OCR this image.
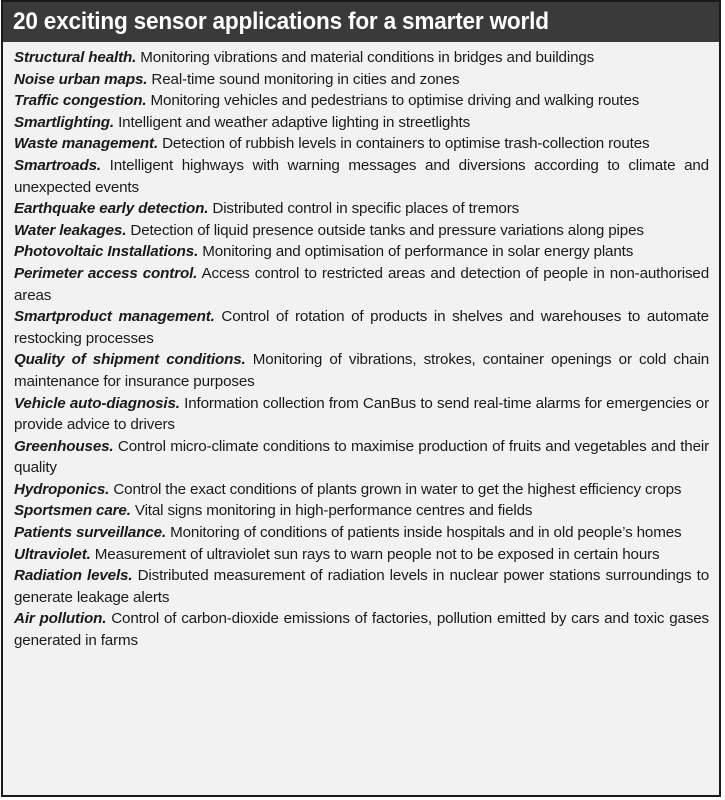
20 exciting sensor applications for a smarter world

Structural health. Monitoring vibrations and material conditions in bridges and buildings

Noise urban maps. Real-time sound monitoring in cities and zones

Traffic congestion. Monitoring vehicles and pedestrians to optimise driving and walking routes

Smartlighting. Intelligent and weather adaptive lighting in streetlights

Waste management. Detection of rubbish levels in containers to optimise trash-collection routes

Smartroads. Intelligent highways with warning messages and diversions according to climate and unexpected events

Earthquake early detection. Distributed control in specific places of tremors

Water leakages. Detection of liquid presence outside tanks and pressure variations along pipes

Photovoltaic Installations. Monitoring and optimisation of performance in solar energy plants

Perimeter access control. Access control to restricted areas and detection of people in non-authorised areas

Smartproduct management. Control of rotation of products in shelves and warehouses to automate restocking processes

Quality of shipment conditions. Monitoring of vibrations, strokes, container openings or cold chain maintenance for insurance purposes

Vehicle auto-diagnosis. Information collection from CanBus to send real-time alarms for emergencies or provide advice to drivers

Greenhouses. Control micro-climate conditions to maximise production of fruits and vegetables and their quality

Hydroponics. Control the exact conditions of plants grown in water to get the highest efficiency crops

Sportsmen care. Vital signs monitoring in high-performance centres and fields

Patients surveillance. Monitoring of conditions of patients inside hospitals and in old people’s homes

Ultraviolet. Measurement of ultraviolet sun rays to warn people not to be exposed in certain hours

Radiation levels. Distributed measurement of radiation levels in nuclear power stations surroundings to generate leakage alerts

Air pollution. Control of carbon-dioxide emissions of factories, pollution emitted by cars and toxic gases generated in farms
